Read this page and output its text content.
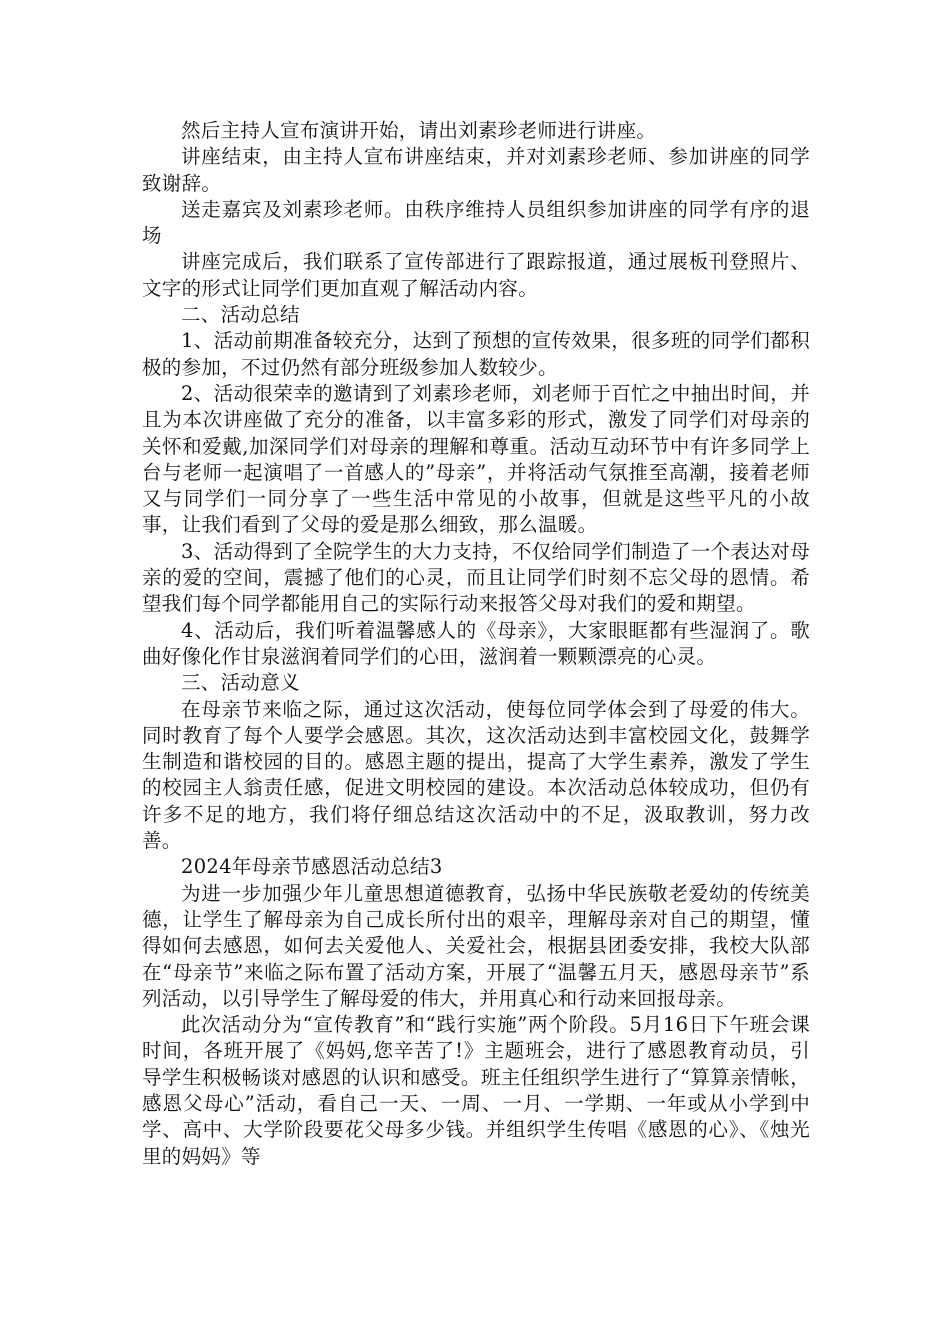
然后主持人宣布演讲开始，请出刘素珍老师进行讲座。

讲座结束，由主持人宣布讲座结束，并对刘素珍老师、参加讲座的同学致谢辞。

送走嘉宾及刘素珍老师。由秩序维持人员组织参加讲座的同学有序的退场

讲座完成后，我们联系了宣传部进行了跟踪报道，通过展板刊登照片、文字的形式让同学们更加直观了解活动内容。

二、活动总结

1、活动前期准备较充分，达到了预想的宣传效果，很多班的同学们都积极的参加，不过仍然有部分班级参加人数较少。

2、活动很荣幸的邀请到了刘素珍老师，刘老师于百忙之中抽出时间，并且为本次讲座做了充分的准备，以丰富多彩的形式，激发了同学们对母亲的关怀和爱戴,加深同学们对母亲的理解和尊重。活动互动环节中有许多同学上台与老师一起演唱了一首感人的”母亲”，并将活动气氛推至高潮，接着老师又与同学们一同分享了一些生活中常见的小故事，但就是这些平凡的小故事，让我们看到了父母的爱是那么细致，那么温暖。

3、活动得到了全院学生的大力支持，不仅给同学们制造了一个表达对母亲的爱的空间，震撼了他们的心灵，而且让同学们时刻不忘父母的恩情。希望我们每个同学都能用自己的实际行动来报答父母对我们的爱和期望。

4、活动后，我们听着温馨感人的《母亲》，大家眼眶都有些湿润了。歌曲好像化作甘泉滋润着同学们的心田，滋润着一颗颗漂亮的心灵。

三、活动意义

在母亲节来临之际，通过这次活动，使每位同学体会到了母爱的伟大。同时教育了每个人要学会感恩。其次，这次活动达到丰富校园文化，鼓舞学生制造和谐校园的目的。感恩主题的提出，提高了大学生素养，激发了学生的校园主人翁责任感，促进文明校园的建设。本次活动总体较成功，但仍有许多不足的地方，我们将仔细总结这次活动中的不足，汲取教训，努力改善。

2024年母亲节感恩活动总结3

为进一步加强少年儿童思想道德教育，弘扬中华民族敬老爱幼的传统美德，让学生了解母亲为自己成长所付出的艰辛，理解母亲对自己的期望，懂得如何去感恩，如何去关爱他人、关爱社会，根据县团委安排，我校大队部在“母亲节”来临之际布置了活动方案，开展了“温馨五月天，感恩母亲节”系列活动，以引导学生了解母爱的伟大，并用真心和行动来回报母亲。

此次活动分为“宣传教育”和“践行实施”两个阶段。5月16日下午班会课时间，各班开展了《妈妈,您辛苦了!》主题班会，进行了感恩教育动员，引导学生积极畅谈对感恩的认识和感受。班主任组织学生进行了“算算亲情帐，感恩父母心”活动，看自己一天、一周、一月、一学期、一年或从小学到中学、高中、大学阶段要花父母多少钱。并组织学生传唱《感恩的心》、《烛光里的妈妈》等
